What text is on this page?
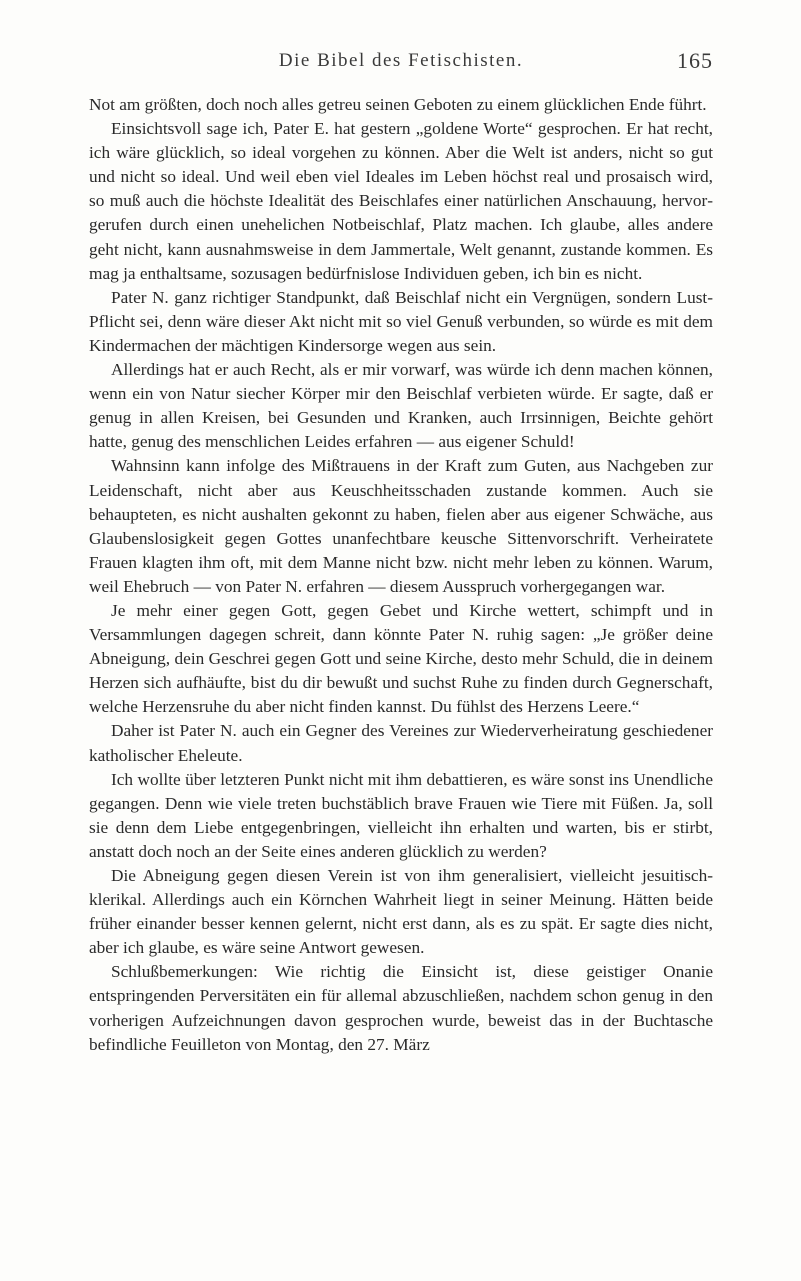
Die Bibel des Fetischisten.	165

Not am größten, doch noch alles getreu seinen Geboten zu einem glücklichen Ende führt.

Einsichtsvoll sage ich, Pater E. hat gestern „goldene Worte“ gesprochen. Er hat recht, ich wäre glücklich, so ideal vorgehen zu können. Aber die Welt ist anders, nicht so gut und nicht so ideal. Und weil eben viel Ideales im Leben höchst real und prosaisch wird, so muß auch die höchste Idealität des Beischlafes einer natürlichen Anschauung, hervorgerufen durch einen unehelichen Notbeischlaf, Platz machen. Ich glaube, alles andere geht nicht, kann ausnahmsweise in dem Jammertale, Welt genannt, zustande kommen. Es mag ja enthaltsame, sozusagen bedürfnislose Individuen geben, ich bin es nicht.

Pater N. ganz richtiger Standpunkt, daß Beischlaf nicht ein Vergnügen, sondern Lust-Pflicht sei, denn wäre dieser Akt nicht mit so viel Genuß verbunden, so würde es mit dem Kindermachen der mächtigen Kindersorge wegen aus sein.

Allerdings hat er auch Recht, als er mir vorwarf, was würde ich denn machen können, wenn ein von Natur siecher Körper mir den Beischlaf verbieten würde. Er sagte, daß er genug in allen Kreisen, bei Gesunden und Kranken, auch Irrsinnigen, Beichte gehört hatte, genug des menschlichen Leides erfahren — aus eigener Schuld!

Wahnsinn kann infolge des Mißtrauens in der Kraft zum Guten, aus Nachgeben zur Leidenschaft, nicht aber aus Keuschheitsschaden zustande kommen. Auch sie behaupteten, es nicht aushalten gekonnt zu haben, fielen aber aus eigener Schwäche, aus Glaubenslosigkeit gegen Gottes unanfechtbare keusche Sittenvorschrift. Verheiratete Frauen klagten ihm oft, mit dem Manne nicht bzw. nicht mehr leben zu können. Warum, weil Ehebruch — von Pater N. erfahren — diesem Ausspruch vorhergegangen war.

Je mehr einer gegen Gott, gegen Gebet und Kirche wettert, schimpft und in Versammlungen dagegen schreit, dann könnte Pater N. ruhig sagen: „Je größer deine Abneigung, dein Geschrei gegen Gott und seine Kirche, desto mehr Schuld, die in deinem Herzen sich aufhäufte, bist du dir bewußt und suchst Ruhe zu finden durch Gegnerschaft, welche Herzensruhe du aber nicht finden kannst. Du fühlst des Herzens Leere.“

Daher ist Pater N. auch ein Gegner des Vereines zur Wiederverheiratung geschiedener katholischer Eheleute.

Ich wollte über letzteren Punkt nicht mit ihm debattieren, es wäre sonst ins Unendliche gegangen. Denn wie viele treten buchstäblich brave Frauen wie Tiere mit Füßen. Ja, soll sie denn dem Liebe entgegenbringen, vielleicht ihn erhalten und warten, bis er stirbt, anstatt doch noch an der Seite eines anderen glücklich zu werden?

Die Abneigung gegen diesen Verein ist von ihm generalisiert, vielleicht jesuitisch-klerikal. Allerdings auch ein Körnchen Wahrheit liegt in seiner Meinung. Hätten beide früher einander besser kennen gelernt, nicht erst dann, als es zu spät. Er sagte dies nicht, aber ich glaube, es wäre seine Antwort gewesen.

Schlußbemerkungen: Wie richtig die Einsicht ist, diese geistiger Onanie entspringenden Perversitäten ein für allemal abzuschließen, nachdem schon genug in den vorherigen Aufzeichnungen davon gesprochen wurde, beweist das in der Buchtasche befindliche Feuilleton von Montag, den 27. März
